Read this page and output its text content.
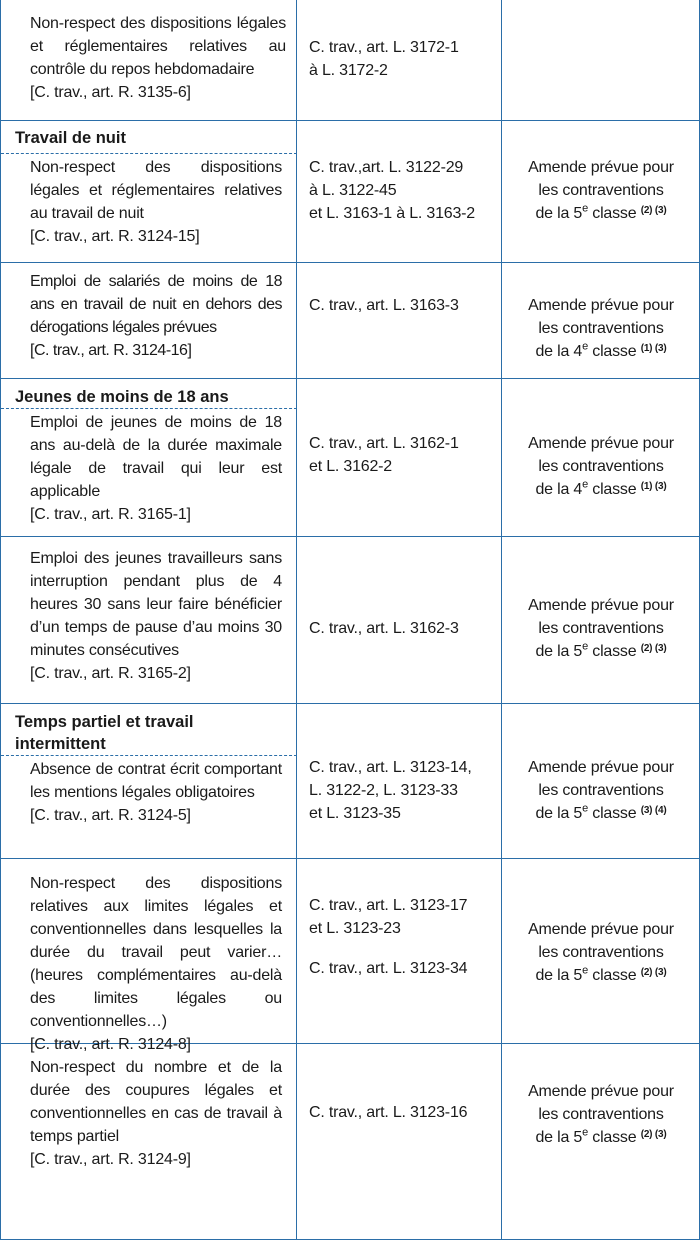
Non-respect des dispositions légales et réglementaires relatives au contrôle du repos hebdomadaire
[C. trav., art. R. 3135-6]
C. trav., art. L. 3172-1
à L. 3172-2
Travail de nuit
Non-respect des dispositions légales et réglementaires relatives au travail de nuit
[C. trav., art. R. 3124-15]
C. trav.,art. L. 3122-29
à L. 3122-45
et L. 3163-1 à L. 3163-2
Amende prévue pour
les contraventions
de la 5e classe $^{(2) (3)}$
Emploi de salariés de moins de 18 ans en travail de nuit en dehors des dérogations légales prévues
[C. trav., art. R. 3124-16]
C. trav., art. L. 3163-3	Amende prévue pour
les contraventions
de la 4e classe $^{(1) (3)}$
Jeunes de moins de 18 ans
Emploi de jeunes de moins de 18 ans au-delà de la durée maximale légale de travail qui leur est applicable
[C. trav., art. R. 3165-1]
C. trav., art. L. 3162-1
et L. 3162-2
Amende prévue pour
les contraventions
de la 4e classe $^{(1) (3)}$
Emploi des jeunes travailleurs sans interruption pendant plus de 4 heures 30 sans leur faire bénéficier d’un temps de pause d’au moins 30 minutes consécutives
[C. trav., art. R. 3165-2]
C. trav., art. L. 3162-3
Amende prévue pour
les contraventions
de la 5e classe $^{(2) (3)}$
Temps partiel et travail intermittent
Absence de contrat écrit comportant les mentions légales obligatoires
[C. trav., art. R. 3124-5]
C. trav., art. L. 3123-14,
L. 3122-2, L. 3123-33
et L. 3123-35
Amende prévue pour
les contraventions
de la 5e classe $^{(3) (4)}$
Non-respect des dispositions relatives aux limites légales et conventionnelles dans lesquelles la durée du travail peut varier… (heures complémentaires au-delà des limites légales ou conventionnelles…)
[C. trav., art. R. 3124-8]
C. trav., art. L. 3123-17
et L. 3123-23
C. trav., art. L. 3123-34
Amende prévue pour
les contraventions
de la 5e classe $^{(2) (3)}$
Non-respect du nombre et de la durée des coupures légales et conventionnelles en cas de travail à temps partiel
[C. trav., art. R. 3124-9]
C. trav., art. L. 3123-16
Amende prévue pour
les contraventions
de la 5e classe $^{(2) (3)}$
